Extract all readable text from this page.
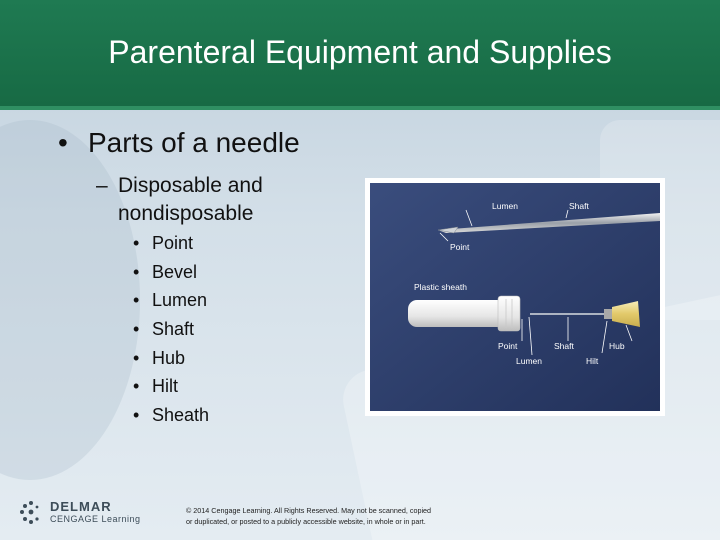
Parenteral Equipment and Supplies
• Parts of a needle
– Disposable and
nondisposable
• Point
• Bevel
• Lumen
• Shaft
• Hub
• Hilt
• Sheath
Lumen	Shaft
Point
Plastic sheath
Point	Shaft	Hub
Lumen	Hilt
DELMAR
CENGAGE Learning
© 2014 Cengage Learning. All Rights Reserved. May not be scanned, copied
or duplicated, or posted to a publicly accessible website, in whole or in part.
